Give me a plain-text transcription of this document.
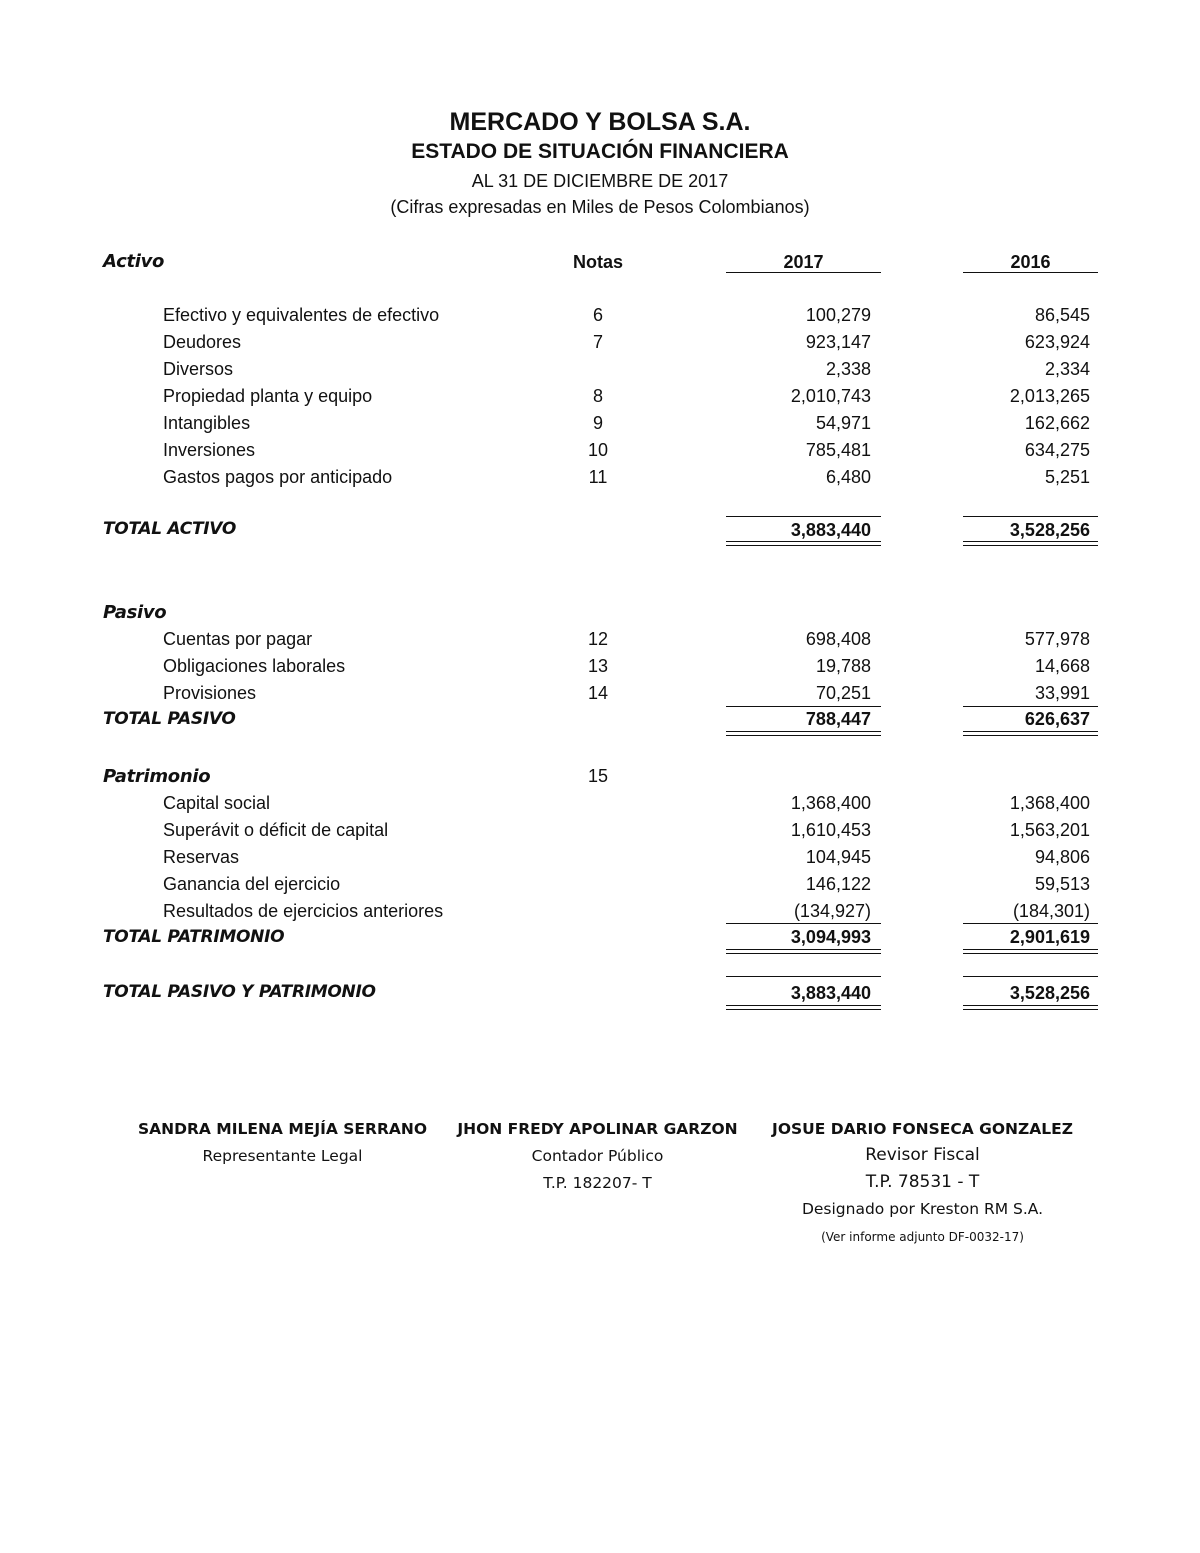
MERCADO Y BOLSA S.A.
ESTADO DE SITUACIÓN FINANCIERA
AL 31 DE DICIEMBRE DE 2017
(Cifras expresadas en Miles de Pesos Colombianos)
Activo	Notas	2017	2016
Efectivo y equivalentes de efectivo	6	100,279	86,545
Deudores	7	923,147	623,924
Diversos	2,338	2,334
Propiedad planta y equipo	8	2,010,743	2,013,265
Intangibles	9	54,971	162,662
Inversiones	10	785,481	634,275
Gastos pagos por anticipado	11	6,480	5,251
TOTAL ACTIVO	3,883,440	3,528,256
Pasivo
Cuentas por pagar	12	698,408	577,978
Obligaciones laborales	13	19,788	14,668
Provisiones	14	70,251	33,991
TOTAL PASIVO	788,447	626,637
Patrimonio	15
Capital social	1,368,400	1,368,400
Superávit o déficit de capital	1,610,453	1,563,201
Reservas	104,945	94,806
Ganancia del ejercicio	146,122	59,513
Resultados de ejercicios anteriores	(134,927)	(184,301)
TOTAL PATRIMONIO	3,094,993	2,901,619
TOTAL PASIVO Y PATRIMONIO	3,883,440	3,528,256
SANDRA MILENA MEJÍA SERRANO
Representante Legal
JHON FREDY APOLINAR GARZON
Contador Público
T.P. 182207- T
JOSUE DARIO FONSECA GONZALEZ
Revisor Fiscal
T.P. 78531 - T
Designado por Kreston RM S.A.
(Ver informe adjunto DF-0032-17)
